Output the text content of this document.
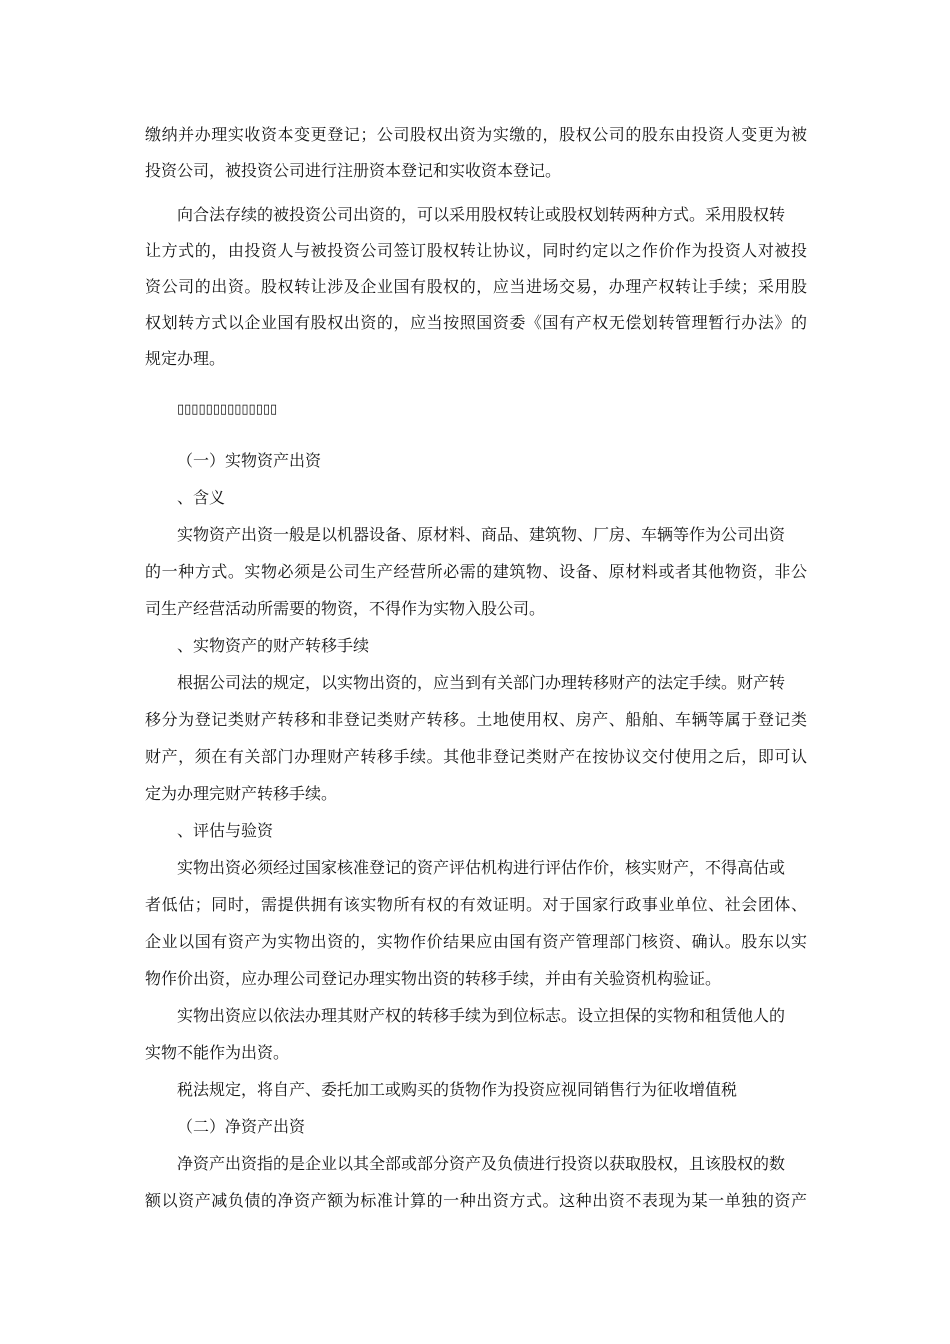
缴纳并办理实收资本变更登记；公司股权出资为实缴的，股权公司的股东由投资人变更为被
投资公司，被投资公司进行注册资本登记和实收资本登记。
向合法存续的被投资公司出资的，可以采用股权转让或股权划转两种方式。采用股权转
让方式的，由投资人与被投资公司签订股权转让协议，同时约定以之作价作为投资人对被投
资公司的出资。股权转让涉及企业国有股权的，应当进场交易，办理产权转让手续；采用股
权划转方式以企业国有股权出资的，应当按照国资委《国有产权无偿划转管理暂行办法》的
规定办理。
▯▯▯▯▯▯▯▯▯▯▯▯▯▯
（一）实物资产出资
、含义
实物资产出资一般是以机器设备、原材料、商品、建筑物、厂房、车辆等作为公司出资
的一种方式。实物必须是公司生产经营所必需的建筑物、设备、原材料或者其他物资，非公
司生产经营活动所需要的物资，不得作为实物入股公司。
、实物资产的财产转移手续
根据公司法的规定，以实物出资的，应当到有关部门办理转移财产的法定手续。财产转
移分为登记类财产转移和非登记类财产转移。土地使用权、房产、船舶、车辆等属于登记类
财产，须在有关部门办理财产转移手续。其他非登记类财产在按协议交付使用之后，即可认
定为办理完财产转移手续。
、评估与验资
实物出资必须经过国家核准登记的资产评估机构进行评估作价，核实财产，不得高估或
者低估；同时，需提供拥有该实物所有权的有效证明。对于国家行政事业单位、社会团体、
企业以国有资产为实物出资的，实物作价结果应由国有资产管理部门核资、确认。股东以实
物作价出资，应办理公司登记办理实物出资的转移手续，并由有关验资机构验证。
实物出资应以依法办理其财产权的转移手续为到位标志。设立担保的实物和租赁他人的
实物不能作为出资。
税法规定，将自产、委托加工或购买的货物作为投资应视同销售行为征收增值税
（二）净资产出资
净资产出资指的是企业以其全部或部分资产及负债进行投资以获取股权，且该股权的数
额以资产减负债的净资产额为标准计算的一种出资方式。这种出资不表现为某一单独的资产
